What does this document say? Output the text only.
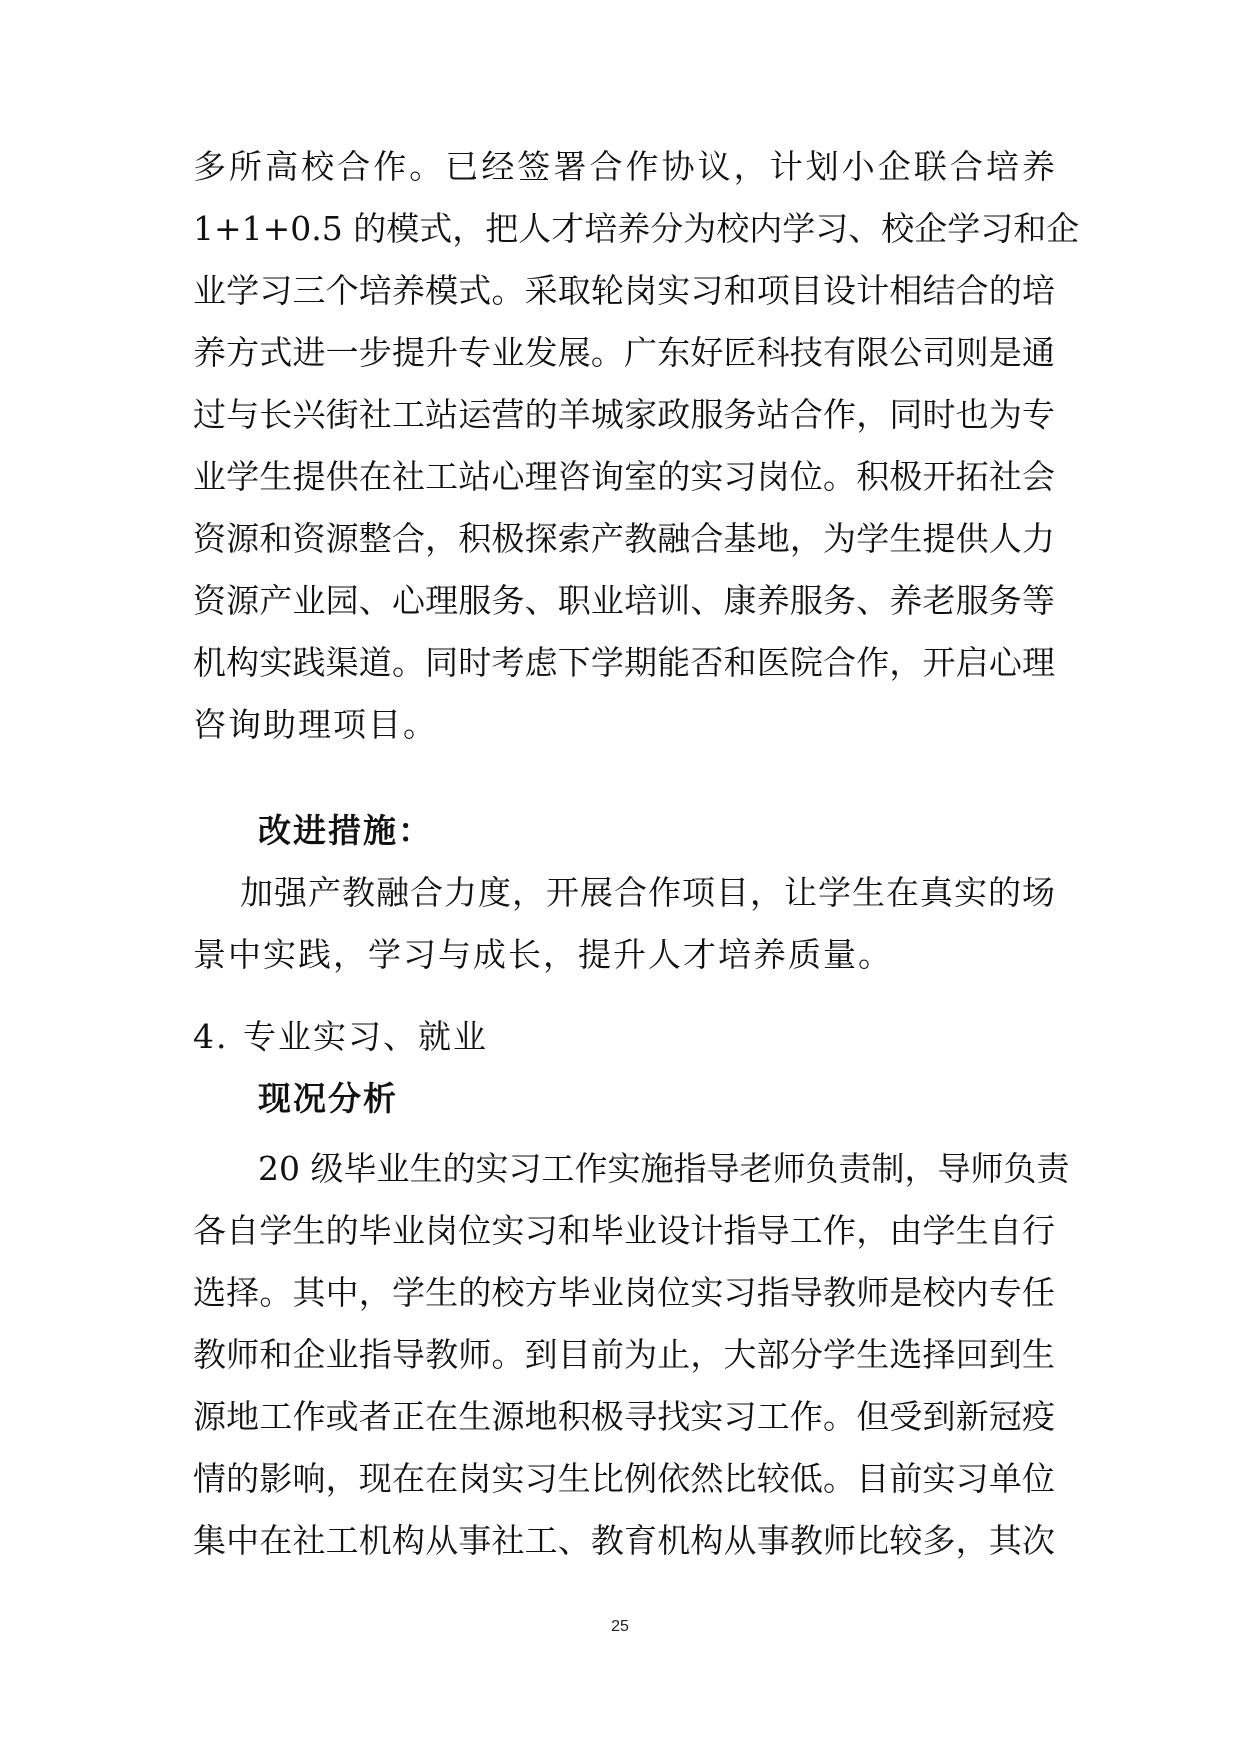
多所高校合作。已经签署合作协议，计划小企联合培养
1+1+0.5 的模式，把人才培养分为校内学习、校企学习和企
业学习三个培养模式。采取轮岗实习和项目设计相结合的培
养方式进一步提升专业发展。广东好匠科技有限公司则是通
过与长兴街社工站运营的羊城家政服务站合作，同时也为专
业学生提供在社工站心理咨询室的实习岗位。积极开拓社会
资源和资源整合，积极探索产教融合基地，为学生提供人力
资源产业园、心理服务、职业培训、康养服务、养老服务等
机构实践渠道。同时考虑下学期能否和医院合作，开启心理
咨询助理项目。
改进措施：
加强产教融合力度，开展合作项目，让学生在真实的场
景中实践，学习与成长，提升人才培养质量。
4. 专业实习、就业
现况分析
20 级毕业生的实习工作实施指导老师负责制，导师负责
各自学生的毕业岗位实习和毕业设计指导工作，由学生自行
选择。其中，学生的校方毕业岗位实习指导教师是校内专任
教师和企业指导教师。到目前为止，大部分学生选择回到生
源地工作或者正在生源地积极寻找实习工作。但受到新冠疫
情的影响，现在在岗实习生比例依然比较低。目前实习单位
集中在社工机构从事社工、教育机构从事教师比较多，其次
25
